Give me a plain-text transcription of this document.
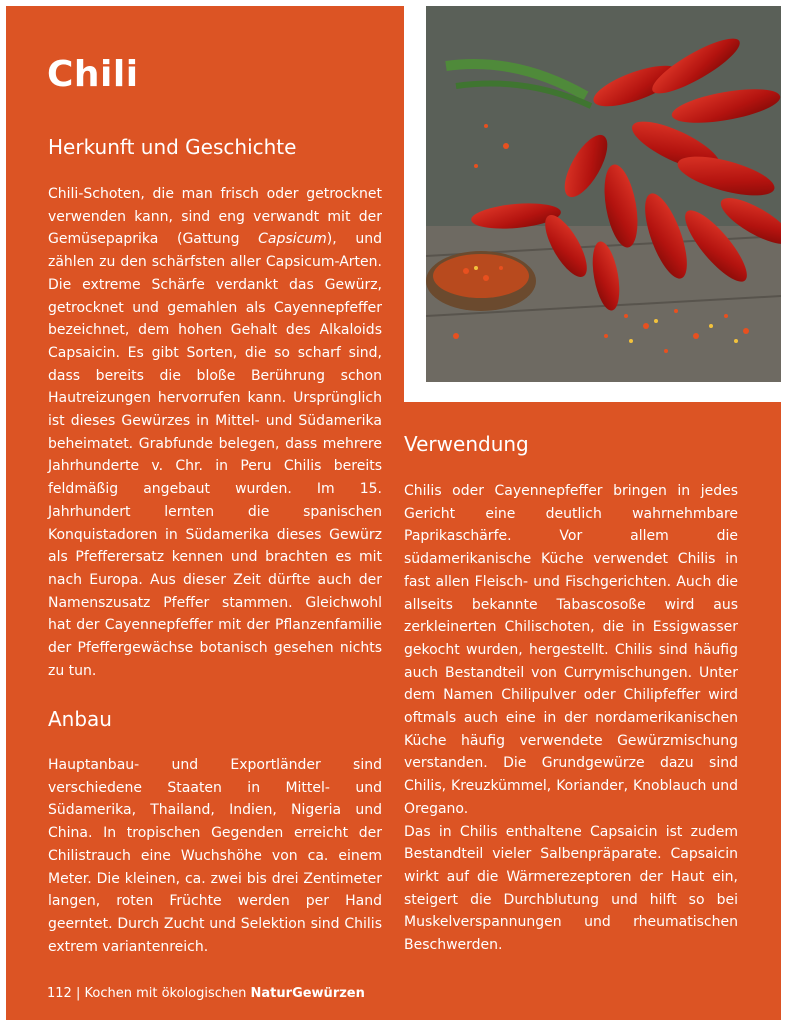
Chili
Herkunft und Geschichte

Chili-Schoten, die man frisch oder getrocknet verwenden kann, sind eng verwandt mit der Gemüsepaprika (Gattung Capsicum), und zählen zu den schärfsten aller Capsicum-Arten. Die extreme Schärfe verdankt das Gewürz, getrocknet und gemahlen als Cayennepfeffer bezeichnet, dem hohen Gehalt des Alkaloids Capsaicin. Es gibt Sorten, die so scharf sind, dass bereits die bloße Berührung schon Hautreizungen hervorrufen kann. Ursprünglich ist dieses Gewürzes in Mittel- und Südamerika beheimatet. Grabfunde belegen, dass mehrere Jahrhunderte v. Chr. in Peru Chilis bereits feldmäßig angebaut wurden. Im 15. Jahrhundert lernten die spanischen Konquistadoren in Südamerika dieses Gewürz als Pfefferersatz kennen und brachten es mit nach Europa. Aus dieser Zeit dürfte auch der Namenszusatz Pfeffer stammen. Gleichwohl hat der Cayennepfeffer mit der Pflanzenfamilie der Pfeffergewächse botanisch gesehen nichts zu tun.

Anbau

Hauptanbau- und Exportländer sind verschiedene Staaten in Mittel- und Südamerika, Thailand, Indien, Nigeria und China. In tropischen Gegenden erreicht der Chilistrauch eine Wuchshöhe von ca. einem Meter. Die kleinen, ca. zwei bis drei Zentimeter langen, roten Früchte werden per Hand geerntet. Durch Zucht und Selektion sind Chilis extrem variantenreich.

Verwendung

Chilis oder Cayennepfeffer bringen in jedes Gericht eine deutlich wahrnehmbare Paprikaschärfe. Vor allem die südamerikanische Küche verwendet Chilis in fast allen Fleisch- und Fischgerichten. Auch die allseits bekannte Tabascosoße wird aus zerkleinerten Chilischoten, die in Essigwasser gekocht wurden, hergestellt. Chilis sind häufig auch Bestandteil von Currymischungen. Unter dem Namen Chilipulver oder Chilipfeffer wird oftmals auch eine in der nordamerikanischen Küche häufig verwendete Gewürzmischung verstanden. Die Grundgewürze dazu sind Chilis, Kreuzkümmel, Koriander, Knoblauch und Oregano.

Das in Chilis enthaltene Capsaicin ist zudem Bestandteil vieler Salbenpräparate. Capsaicin wirkt auf die Wärmerezeptoren der Haut ein, steigert die Durchblutung und hilft so bei Muskelverspannungen und rheumatischen Beschwerden.

112 | Kochen mit ökologischen NaturGewürzen
